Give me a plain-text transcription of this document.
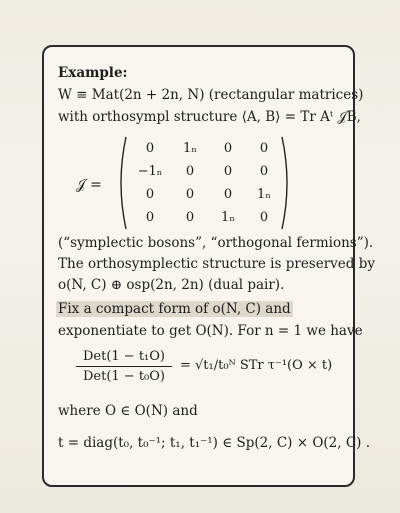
Example:
W ≡ Mat(2n + 2n, N) (rectangular matrices)
with orthosympl structure ⟨A, B⟩ = Tr Aᵗ 𝒥B,
𝒥 =
0	1ₙ	0	0
−1ₙ	0	0	0
0	0	0	1ₙ
0	0	1ₙ	0
(“symplectic bosons”, “orthogonal fermions”).
The orthosymplectic structure is preserved by
o(N, C) ⊕ osp(2n, 2n) (dual pair).
Fix a compact form of o(N, C) and
exponentiate to get O(N). For n = 1 we have
Det(1 − t₁O)
Det(1 − t₀O)
= √t₁/t₀ᴺ STr τ⁻¹(O × t)
where O ∈ O(N) and
t = diag(t₀, t₀⁻¹; t₁, t₁⁻¹) ∈ Sp(2, C) × O(2, C) .
